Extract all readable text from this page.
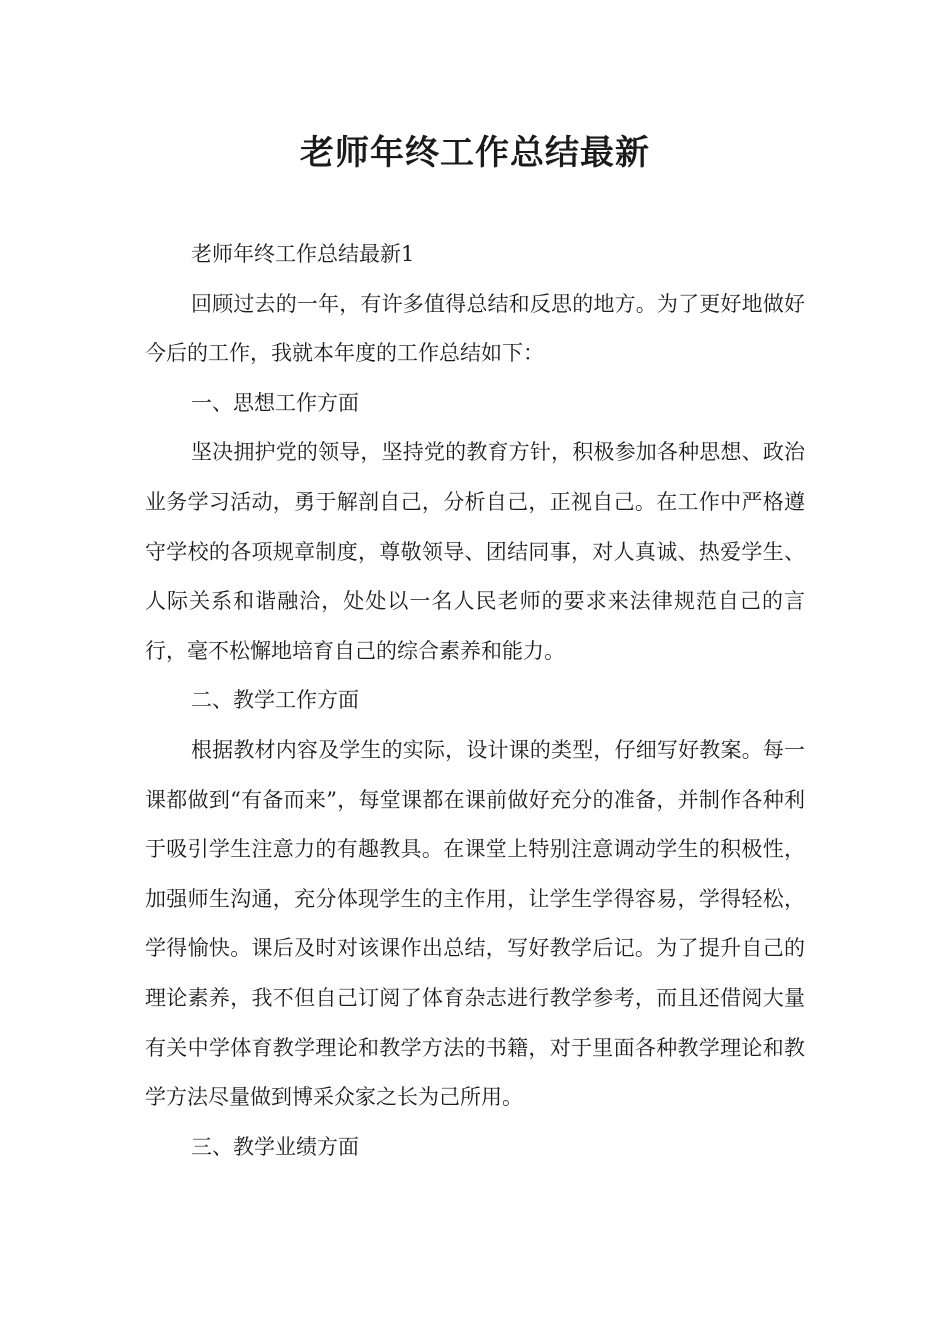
老师年终工作总结最新

老师年终工作总结最新1

回顾过去的一年，有许多值得总结和反思的地方。为了更好地做好今后的工作，我就本年度的工作总结如下：

一、思想工作方面

坚决拥护党的领导，坚持党的教育方针，积极参加各种思想、政治业务学习活动，勇于解剖自己，分析自己，正视自己。在工作中严格遵守学校的各项规章制度，尊敬领导、团结同事，对人真诚、热爱学生、人际关系和谐融洽，处处以一名人民老师的要求来法律规范自己的言行，毫不松懈地培育自己的综合素养和能力。

二、教学工作方面

根据教材内容及学生的实际，设计课的类型，仔细写好教案。每一课都做到“有备而来”，每堂课都在课前做好充分的准备，并制作各种利于吸引学生注意力的有趣教具。在课堂上特别注意调动学生的积极性，加强师生沟通，充分体现学生的主作用，让学生学得容易，学得轻松，学得愉快。课后及时对该课作出总结，写好教学后记。为了提升自己的理论素养，我不但自己订阅了体育杂志进行教学参考，而且还借阅大量有关中学体育教学理论和教学方法的书籍，对于里面各种教学理论和教学方法尽量做到博采众家之长为己所用。

三、教学业绩方面
